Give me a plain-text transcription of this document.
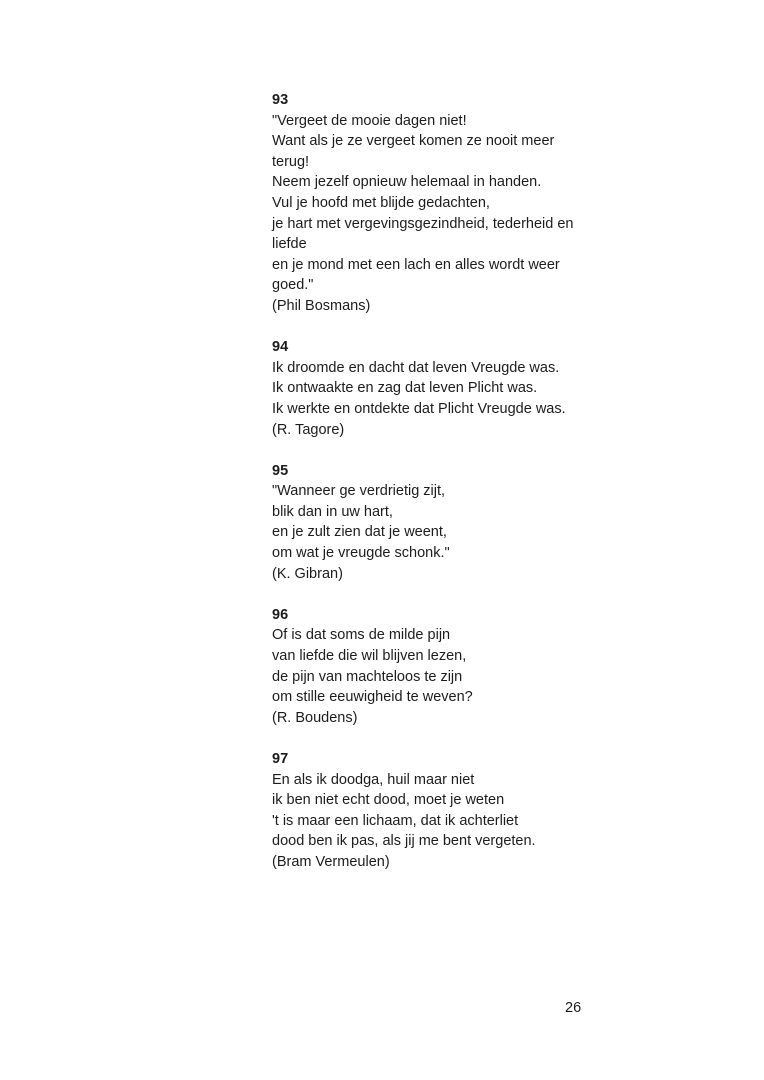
93
"Vergeet de mooie dagen niet!
Want als je ze vergeet komen ze nooit meer
terug!
Neem jezelf opnieuw helemaal in handen.
Vul je hoofd met blijde gedachten,
je hart met vergevingsgezindheid, tederheid en
liefde
en je mond met een lach en alles wordt weer
goed."
(Phil Bosmans)
94
Ik droomde en dacht dat leven Vreugde was.
Ik ontwaakte en zag dat leven Plicht was.
Ik werkte en ontdekte dat Plicht Vreugde was.
(R. Tagore)
95
"Wanneer ge verdrietig zijt,
blik dan in uw hart,
en je zult zien dat je weent,
om wat je vreugde schonk."
(K. Gibran)
96
Of is dat soms de milde pijn
van liefde die wil blijven lezen,
de pijn van machteloos te zijn
om stille eeuwigheid te weven?
(R. Boudens)
97
En als ik doodga, huil maar niet
ik ben niet echt dood, moet je weten
't is maar een lichaam, dat ik achterliet
dood ben ik pas, als jij me bent vergeten.
(Bram Vermeulen)
26
